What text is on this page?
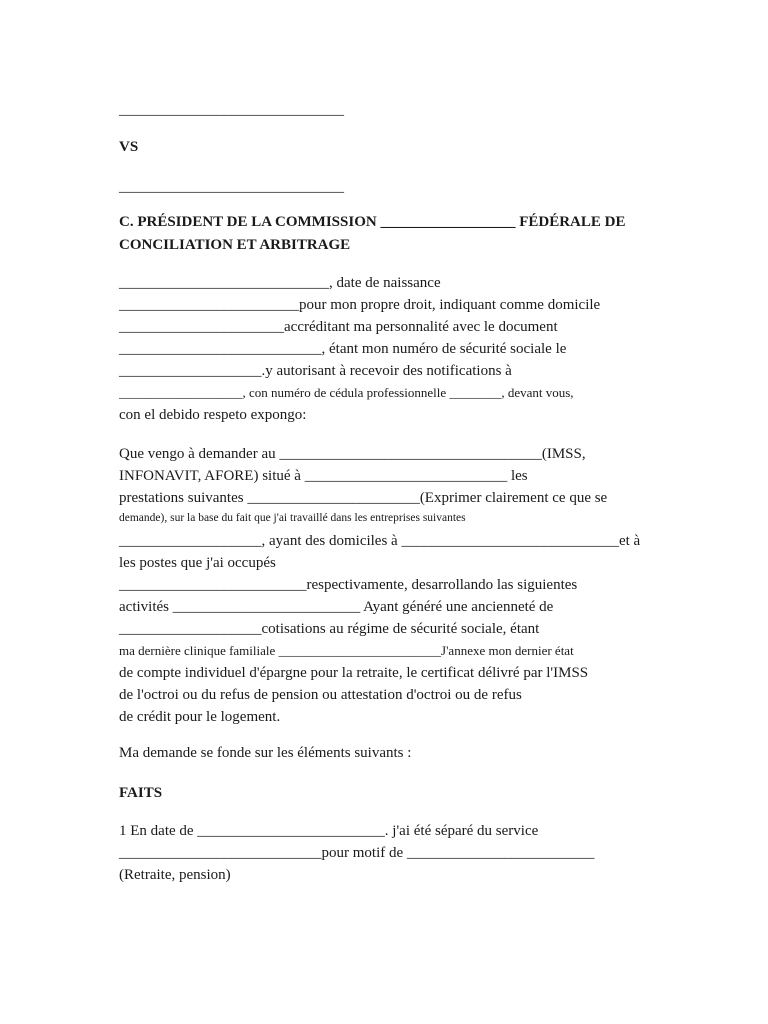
______________________________

VS

______________________________

C. PRÉSIDENT DE LA COMMISSION __________________ FÉDÉRALE DE

CONCILIATION ET ARBITRAGE

____________________________, date de naissance

________________________pour mon propre droit, indiquant comme domicile

______________________accréditant ma personnalité avec le document

___________________________, étant mon numéro de sécurité sociale le

___________________.y autorisant à recevoir des notifications à

___________________, con numéro de cédula professionnelle ________, devant vous,

con el debido respeto expongo:

Que vengo à demander au ___________________________________(IMSS,

INFONAVIT, AFORE) situé à ___________________________ les

prestations suivantes _______________________(Exprimer clairement ce que se

demande), sur la base du fait que j'ai travaillé dans les entreprises suivantes

___________________, ayant des domiciles à _____________________________et à

les postes que j'ai occupés

_________________________respectivamente, desarrollando las siguientes

activités _________________________ Ayant généré une ancienneté de

___________________cotisations au régime de sécurité sociale, étant

ma dernière clinique familiale _________________________J'annexe mon dernier état

de compte individuel d'épargne pour la retraite, le certificat délivré par l'IMSS

de l'octroi ou du refus de pension ou attestation d'octroi ou de refus

de crédit pour le logement.

Ma demande se fonde sur les éléments suivants :

FAITS

1 En date de _________________________. j'ai été séparé du service

___________________________pour motif de _________________________

(Retraite, pension)
